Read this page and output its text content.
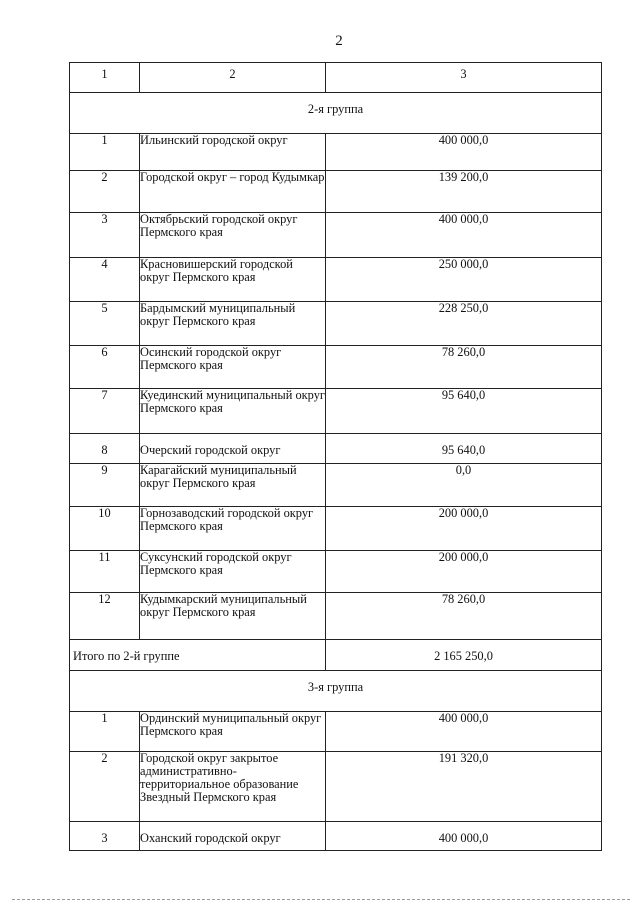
2
1	2	3
2-я группа		
1	Ильинский городской округ	400 000,0
2	Городской округ – город Кудымкар	139 200,0
3	Октябрьский городской округ Пермского края	400 000,0
4	Красновишерский городской округ Пермского края	250 000,0
5	Бардымский муниципальный округ Пермского края	228 250,0
6	Осинский городской округ Пермского края	78 260,0
7	Куединский муниципальный округ Пермского края	95 640,0
8	Очерский городской округ	95 640,0
9	Карагайский муниципальный округ Пермского края	0,0
10	Горнозаводский городской округ Пермского края	200 000,0
11	Суксунский городской округ Пермского края	200 000,0
12	Кудымкарский муниципальный округ Пермского края	78 260,0
Итого по 2-й группе		2 165 250,0
3-я группа		
1	Ординский муниципальный округ Пермского края	400 000,0
2	Городской округ закрытое административно-территориальное образование Звездный Пермского края	191 320,0
3	Оханский городской округ	400 000,0
